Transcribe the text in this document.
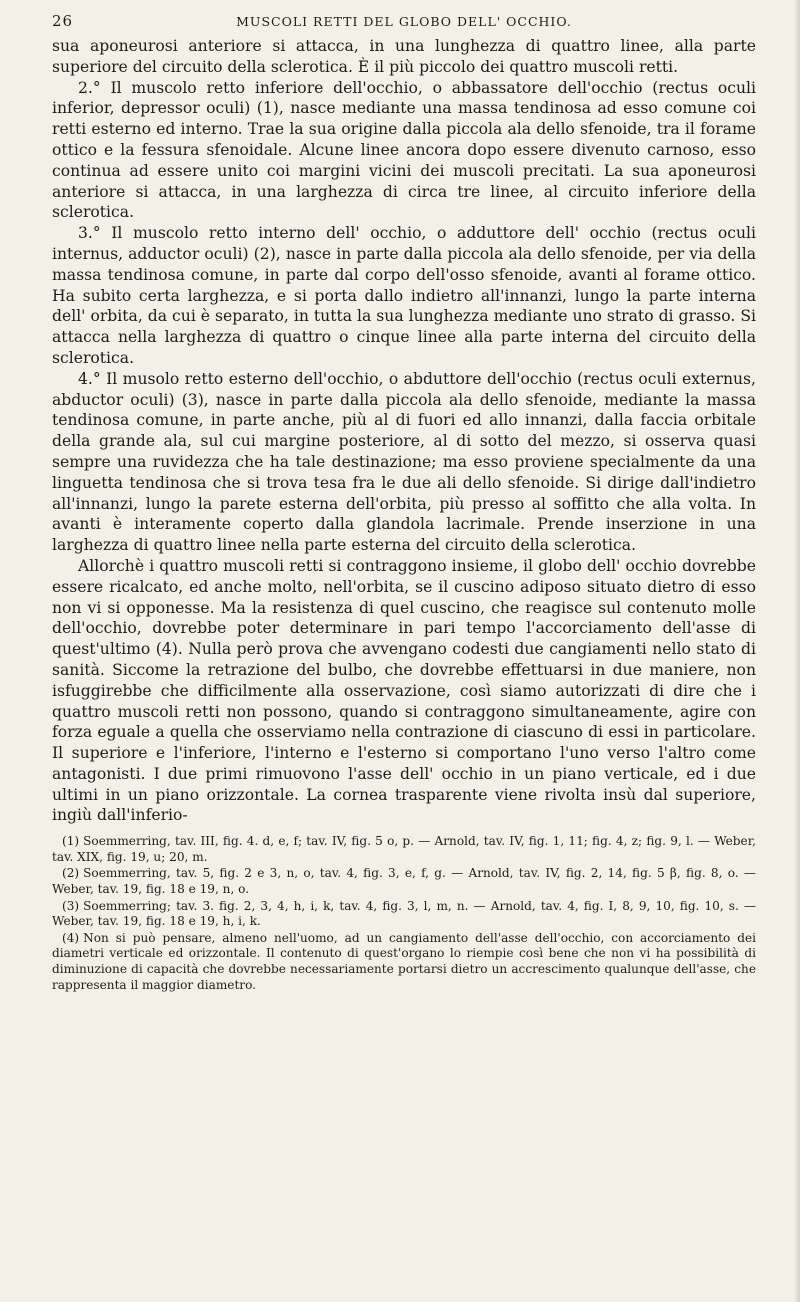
26	MUSCOLI RETTI DEL GLOBO DELL' OCCHIO.

sua aponeurosi anteriore si attacca, in una lunghezza di quattro linee, alla parte superiore del circuito della sclerotica. È il più piccolo dei quattro muscoli retti.

2.° Il muscolo retto inferiore dell'occhio, o abbassatore dell'occhio (rectus oculi inferior, depressor oculi) (1), nasce mediante una massa tendinosa ad esso comune coi retti esterno ed interno. Trae la sua origine dalla piccola ala dello sfenoide, tra il forame ottico e la fessura sfenoidale. Alcune linee ancora dopo essere divenuto carnoso, esso continua ad essere unito coi margini vicini dei muscoli precitati. La sua aponeurosi anteriore si attacca, in una larghezza di circa tre linee, al circuito inferiore della sclerotica.

3.° Il muscolo retto interno dell' occhio, o adduttore dell' occhio (rectus oculi internus, adductor oculi) (2), nasce in parte dalla piccola ala dello sfenoide, per via della massa tendinosa comune, in parte dal corpo dell'osso sfenoide, avanti al forame ottico. Ha subito certa larghezza, e si porta dallo indietro all'innanzi, lungo la parte interna dell' orbita, da cui è separato, in tutta la sua lunghezza mediante uno strato di grasso. Si attacca nella larghezza di quattro o cinque linee alla parte interna del circuito della sclerotica.

4.° Il musolo retto esterno dell'occhio, o abduttore dell'occhio (rectus oculi externus, abductor oculi) (3), nasce in parte dalla piccola ala dello sfenoide, mediante la massa tendinosa comune, in parte anche, più al di fuori ed allo innanzi, dalla faccia orbitale della grande ala, sul cui margine posteriore, al di sotto del mezzo, si osserva quasi sempre una ruvidezza che ha tale destinazione; ma esso proviene specialmente da una linguetta tendinosa che si trova tesa fra le due ali dello sfenoide. Si dirige dall'indietro all'innanzi, lungo la parete esterna dell'orbita, più presso al soffitto che alla volta. In avanti è interamente coperto dalla glandola lacrimale. Prende inserzione in una larghezza di quattro linee nella parte esterna del circuito della sclerotica.

Allorchè i quattro muscoli retti si contraggono insieme, il globo dell' occhio dovrebbe essere ricalcato, ed anche molto, nell'orbita, se il cuscino adiposo situato dietro di esso non vi si opponesse. Ma la resistenza di quel cuscino, che reagisce sul contenuto molle dell'occhio, dovrebbe poter determinare in pari tempo l'accorciamento dell'asse di quest'ultimo (4). Nulla però prova che avvengano codesti due cangiamenti nello stato di sanità. Siccome la retrazione del bulbo, che dovrebbe effettuarsi in due maniere, non isfuggirebbe che difficilmente alla osservazione, così siamo autorizzati di dire che i quattro muscoli retti non possono, quando si contraggono simultaneamente, agire con forza eguale a quella che osserviamo nella contrazione di ciascuno di essi in particolare. Il superiore e l'inferiore, l'interno e l'esterno si comportano l'uno verso l'altro come antagonisti. I due primi rimuovono l'asse dell' occhio in un piano verticale, ed i due ultimi in un piano orizzontale. La cornea trasparente viene rivolta insù dal superiore, ingiù dall'inferio-

(1) Soemmerring, tav. III, fig. 4. d, e, f; tav. IV, fig. 5 o, p. — Arnold, tav. IV, fig. 1, 11; fig. 4, z; fig. 9, l. — Weber, tav. XIX, fig. 19, u; 20, m.

(2) Soemmerring, tav. 5, fig. 2 e 3, n, o, tav. 4, fig. 3, e, f, g. — Arnold, tav. IV, fig. 2, 14, fig. 5 β, fig. 8, o. — Weber, tav. 19, fig. 18 e 19, n, o.

(3) Soemmerring; tav. 3. fig. 2, 3, 4, h, i, k, tav. 4, fig. 3, l, m, n. — Arnold, tav. 4, fig. I, 8, 9, 10, fig. 10, s. — Weber, tav. 19, fig. 18 e 19, h, i, k.

(4) Non si può pensare, almeno nell'uomo, ad un cangiamento dell'asse dell'occhio, con accorciamento dei diametri verticale ed orizzontale. Il contenuto di quest'organo lo riempie così bene che non vi ha possibilità di diminuzione di capacità che dovrebbe necessariamente portarsi dietro un accrescimento qualunque dell'asse, che rappresenta il maggior diametro.
